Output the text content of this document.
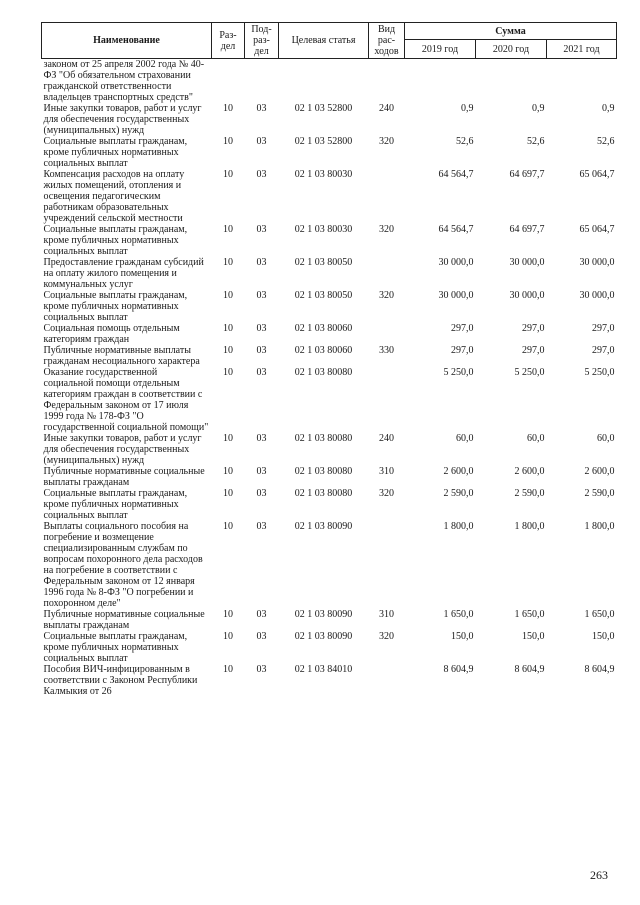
Наименование	Раз-дел	Под-раз-дел	Целевая статья	Вид рас-ходов	Сумма		
					2019 год	2020 год	2021 год
законом от 25 апреля 2002 года № 40-ФЗ "Об обязательном страховании гражданской ответственности владельцев транспортных средств"							
Иные закупки товаров, работ и услуг для обеспечения государственных (муниципальных) нужд	10	03	02 1 03 52800	240	0,9	0,9	0,9
Социальные выплаты гражданам, кроме публичных нормативных социальных выплат	10	03	02 1 03 52800	320	52,6	52,6	52,6
Компенсация расходов на оплату жилых помещений, отопления и освещения педагогическим работникам образовательных учреждений сельской местности	10	03	02 1 03 80030		64 564,7	64 697,7	65 064,7
Социальные выплаты гражданам, кроме публичных нормативных социальных выплат	10	03	02 1 03 80030	320	64 564,7	64 697,7	65 064,7
Предоставление гражданам субсидий на оплату жилого помещения и коммунальных услуг	10	03	02 1 03 80050		30 000,0	30 000,0	30 000,0
Социальные выплаты гражданам, кроме публичных нормативных социальных выплат	10	03	02 1 03 80050	320	30 000,0	30 000,0	30 000,0
Социальная помощь отдельным категориям граждан	10	03	02 1 03 80060		297,0	297,0	297,0
Публичные нормативные выплаты гражданам несоциального характера	10	03	02 1 03 80060	330	297,0	297,0	297,0
Оказание государственной социальной помощи отдельным категориям граждан в соответствии с Федеральным законом от 17 июля 1999 года № 178-ФЗ "О государственной социальной помощи"	10	03	02 1 03 80080		5 250,0	5 250,0	5 250,0
Иные закупки товаров, работ и услуг для обеспечения государственных (муниципальных) нужд	10	03	02 1 03 80080	240	60,0	60,0	60,0
Публичные нормативные социальные выплаты гражданам	10	03	02 1 03 80080	310	2 600,0	2 600,0	2 600,0
Социальные выплаты гражданам, кроме публичных нормативных социальных выплат	10	03	02 1 03 80080	320	2 590,0	2 590,0	2 590,0
Выплаты социального пособия на погребение и возмещение специализированным службам по вопросам похоронного дела расходов на погребение в соответствии с Федеральным законом от 12 января 1996 года № 8-ФЗ "О погребении и похоронном деле"	10	03	02 1 03 80090		1 800,0	1 800,0	1 800,0
Публичные нормативные социальные выплаты гражданам	10	03	02 1 03 80090	310	1 650,0	1 650,0	1 650,0
Социальные выплаты гражданам, кроме публичных нормативных социальных выплат	10	03	02 1 03 80090	320	150,0	150,0	150,0
Пособия ВИЧ-инфицированным в соответствии с Законом Республики Калмыкия от 26	10	03	02 1 03 84010		8 604,9	8 604,9	8 604,9
263
